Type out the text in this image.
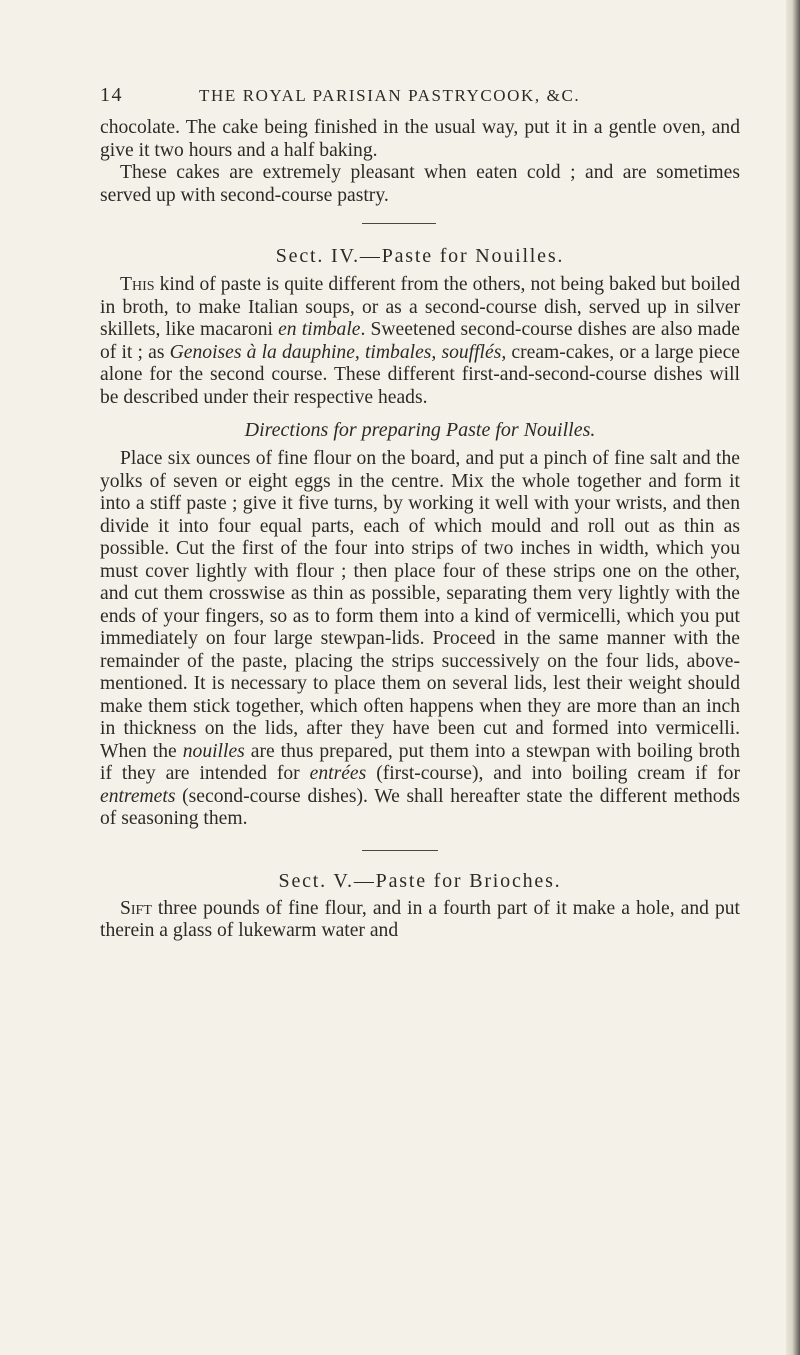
14	THE ROYAL PARISIAN PASTRYCOOK, &C.

chocolate. The cake being finished in the usual way, put it in a gentle oven, and give it two hours and a half baking.

These cakes are extremely pleasant when eaten cold ; and are sometimes served up with second-course pastry.

Sect. IV.—Paste for Nouilles.

This kind of paste is quite different from the others, not being baked but boiled in broth, to make Italian soups, or as a second-course dish, served up in silver skillets, like macaroni en timbale. Sweetened second-course dishes are also made of it ; as Genoises à la dauphine, timbales, soufflés, cream-cakes, or a large piece alone for the second course. These different first-and-second-course dishes will be described under their respective heads.

Directions for preparing Paste for Nouilles.

Place six ounces of fine flour on the board, and put a pinch of fine salt and the yolks of seven or eight eggs in the centre. Mix the whole together and form it into a stiff paste ; give it five turns, by working it well with your wrists, and then divide it into four equal parts, each of which mould and roll out as thin as possible. Cut the first of the four into strips of two inches in width, which you must cover lightly with flour ; then place four of these strips one on the other, and cut them crosswise as thin as possible, separating them very lightly with the ends of your fingers, so as to form them into a kind of vermicelli, which you put immediately on four large stewpan-lids. Proceed in the same manner with the remainder of the paste, placing the strips successively on the four lids, above-mentioned. It is necessary to place them on several lids, lest their weight should make them stick together, which often happens when they are more than an inch in thickness on the lids, after they have been cut and formed into vermicelli. When the nouilles are thus prepared, put them into a stewpan with boiling broth if they are intended for entrées (first-course), and into boiling cream if for entremets (second-course dishes). We shall hereafter state the different methods of seasoning them.

Sect. V.—Paste for Brioches.

Sift three pounds of fine flour, and in a fourth part of it make a hole, and put therein a glass of lukewarm water and
